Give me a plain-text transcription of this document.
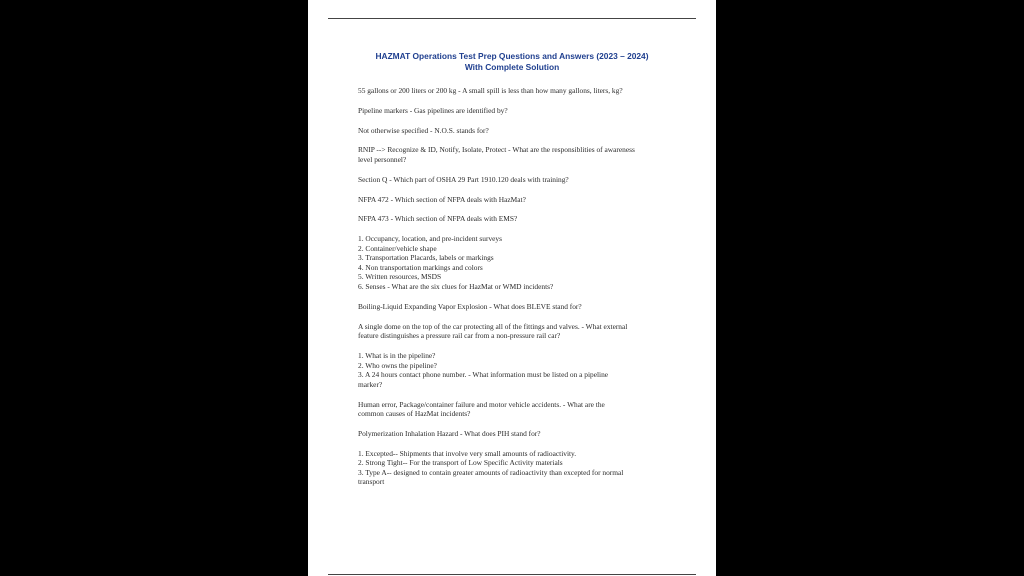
HAZMAT Operations Test Prep Questions and Answers (2023 – 2024)
With Complete Solution
55 gallons or 200 liters or 200 kg - A small spill is less than how many gallons, liters, kg?
Pipeline markers - Gas pipelines are identified by?
Not otherwise specified - N.O.S. stands for?
RNIP --> Recognize & ID, Notify, Isolate, Protect - What are the responsiblities of awareness
level personnel?
Section Q - Which part of OSHA 29 Part 1910.120 deals with training?
NFPA 472 - Which section of NFPA deals with HazMat?
NFPA 473 - Which section of NFPA deals with EMS?
1. Occupancy, location, and pre-incident surveys
2. Container/vehicle shape
3. Transportation Placards, labels or markings
4. Non transportation markings and colors
5. Written resources, MSDS
6. Senses - What are the six clues for HazMat or WMD incidents?
Boiling-Liquid Expanding Vapor Explosion - What does BLEVE stand for?
A single dome on the top of the car protecting all of the fittings and valves. - What external
feature distinguishes a pressure rail car from a non-pressure rail car?
1. What is in the pipeline?
2. Who owns the pipeline?
3. A 24 hours contact phone number. - What information must be listed on a pipeline
marker?
Human error, Package/container failure and motor vehicle accidents. - What are the
common causes of HazMat incidents?
Polymerization Inhalation Hazard - What does PIH stand for?
1. Excepted-- Shipments that involve very small amounts of radioactivity.
2. Strong Tight-- For the transport of Low Specific Activity materials
3. Type A-- designed to contain greater amounts of radioactivity than excepted for normal
transport
